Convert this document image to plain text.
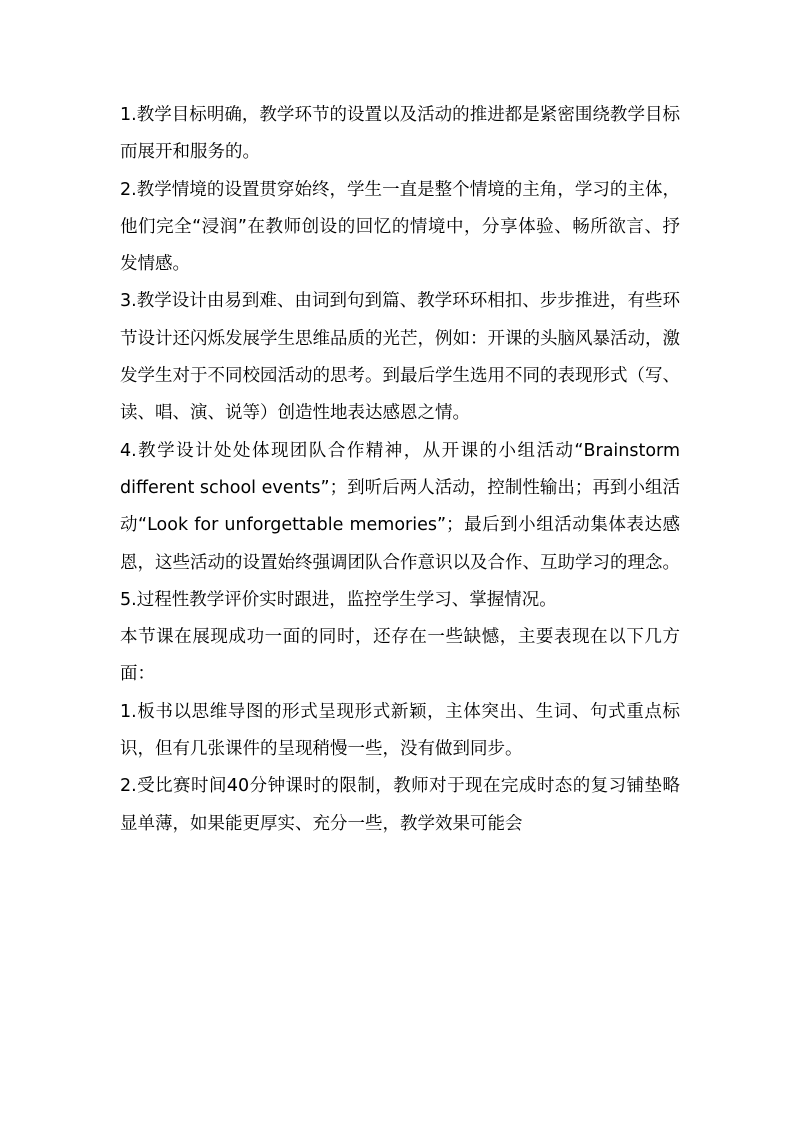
1.教学目标明确，教学环节的设置以及活动的推进都是紧密围绕教学目标而展开和服务的。

2.教学情境的设置贯穿始终，学生一直是整个情境的主角，学习的主体，他们完全“浸润”在教师创设的回忆的情境中，分享体验、畅所欲言、抒发情感。

3.教学设计由易到难、由词到句到篇、教学环环相扣、步步推进，有些环节设计还闪烁发展学生思维品质的光芒，例如：开课的头脑风暴活动，激发学生对于不同校园活动的思考。到最后学生选用不同的表现形式（写、读、唱、演、说等）创造性地表达感恩之情。

4.教学设计处处体现团队合作精神，从开课的小组活动“Brainstorm different school events”；到听后两人活动，控制性输出；再到小组活动“Look for unforgettable memories”；最后到小组活动集体表达感恩，这些活动的设置始终强调团队合作意识以及合作、互助学习的理念。

5.过程性教学评价实时跟进，监控学生学习、掌握情况。

本节课在展现成功一面的同时，还存在一些缺憾，主要表现在以下几方面：

1.板书以思维导图的形式呈现形式新颖，主体突出、生词、句式重点标识，但有几张课件的呈现稍慢一些，没有做到同步。

2.受比赛时间40分钟课时的限制，教师对于现在完成时态的复习铺垫略显单薄，如果能更厚实、充分一些，教学效果可能会
